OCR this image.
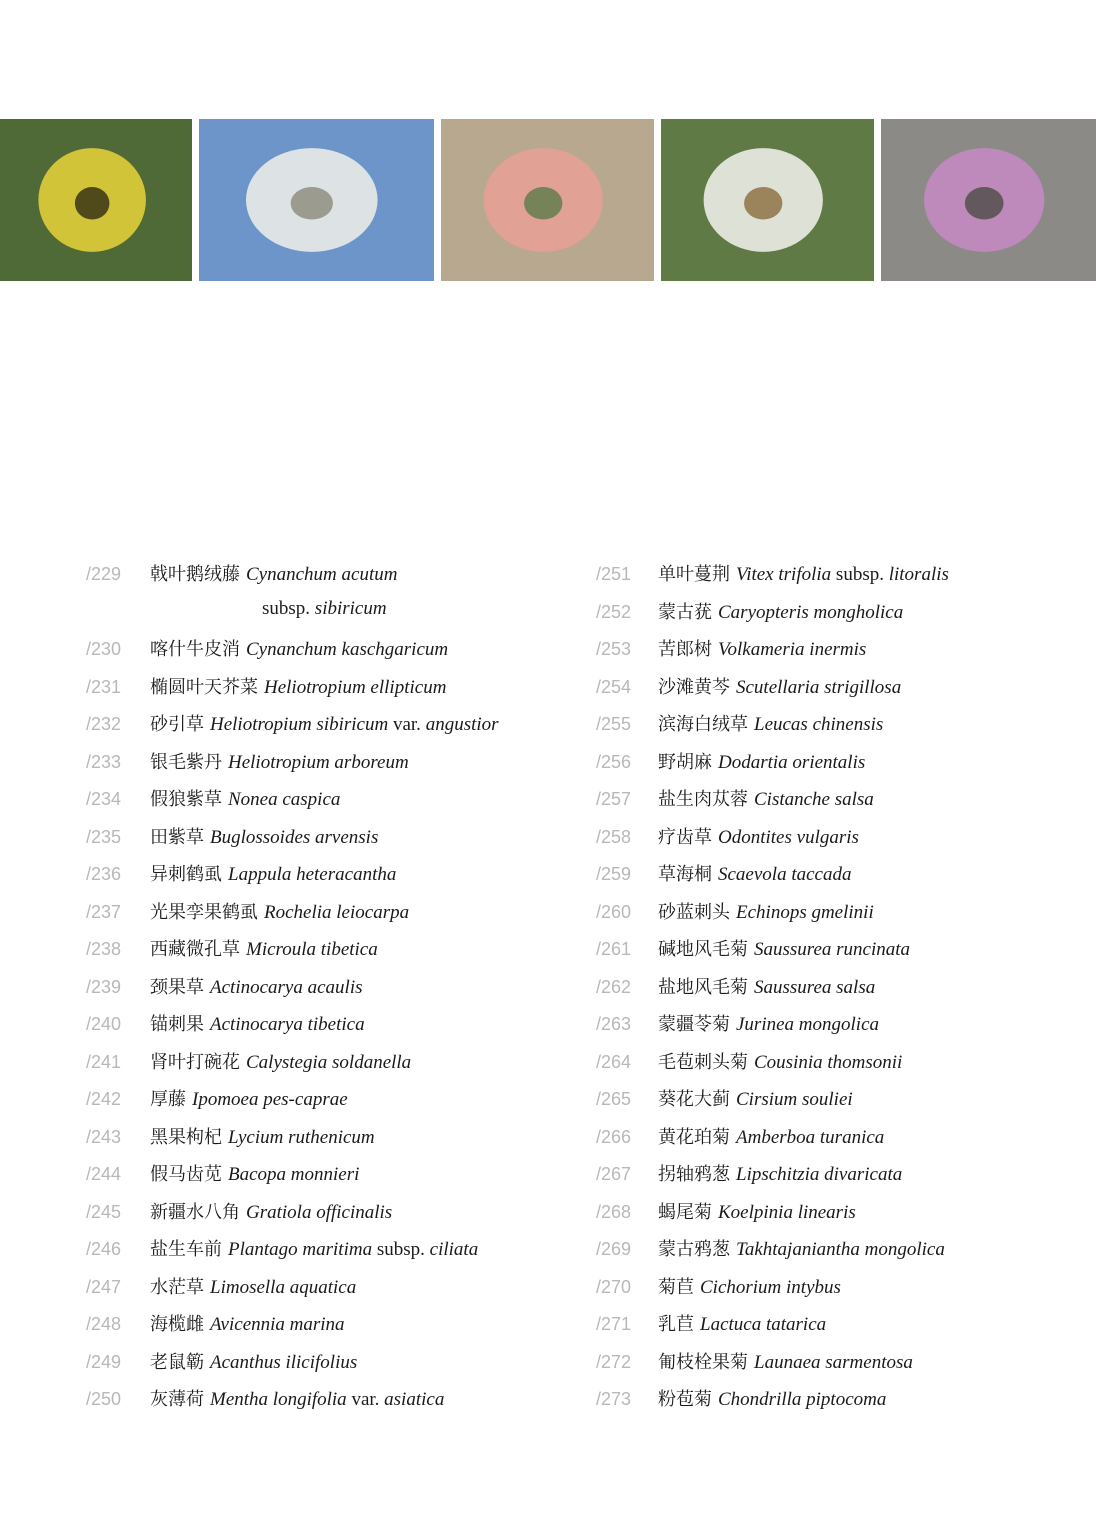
/229	戟叶鹅绒藤 Cynanchum acutum
subsp. sibiricum
/230	喀什牛皮消 Cynanchum kaschgaricum
/231	椭圆叶天芥菜 Heliotropium ellipticum
/232	砂引草 Heliotropium sibiricum var. angustior
/233	银毛紫丹 Heliotropium arboreum
/234	假狼紫草 Nonea caspica
/235	田紫草 Buglossoides arvensis
/236	异刺鹤虱 Lappula heteracantha
/237	光果孪果鹤虱 Rochelia leiocarpa
/238	西藏微孔草 Microula tibetica
/239	颈果草 Actinocarya acaulis
/240	锚刺果 Actinocarya tibetica
/241	肾叶打碗花 Calystegia soldanella
/242	厚藤 Ipomoea pes-caprae
/243	黑果枸杞 Lycium ruthenicum
/244	假马齿苋 Bacopa monnieri
/245	新疆水八角 Gratiola officinalis
/246	盐生车前 Plantago maritima subsp. ciliata
/247	水茫草 Limosella aquatica
/248	海榄雌 Avicennia marina
/249	老鼠簕 Acanthus ilicifolius
/250	灰薄荷 Mentha longifolia var. asiatica
/251	单叶蔓荆 Vitex trifolia subsp. litoralis
/252	蒙古莸 Caryopteris mongholica
/253	苦郎树 Volkameria inermis
/254	沙滩黄芩 Scutellaria strigillosa
/255	滨海白绒草 Leucas chinensis
/256	野胡麻 Dodartia orientalis
/257	盐生肉苁蓉 Cistanche salsa
/258	疗齿草 Odontites vulgaris
/259	草海桐 Scaevola taccada
/260	砂蓝刺头 Echinops gmelinii
/261	碱地风毛菊 Saussurea runcinata
/262	盐地风毛菊 Saussurea salsa
/263	蒙疆苓菊 Jurinea mongolica
/264	毛苞刺头菊 Cousinia thomsonii
/265	葵花大蓟 Cirsium souliei
/266	黄花珀菊 Amberboa turanica
/267	拐轴鸦葱 Lipschitzia divaricata
/268	蝎尾菊 Koelpinia linearis
/269	蒙古鸦葱 Takhtajaniantha mongolica
/270	菊苣 Cichorium intybus
/271	乳苣 Lactuca tatarica
/272	匍枝栓果菊 Launaea sarmentosa
/273	粉苞菊 Chondrilla piptocoma
